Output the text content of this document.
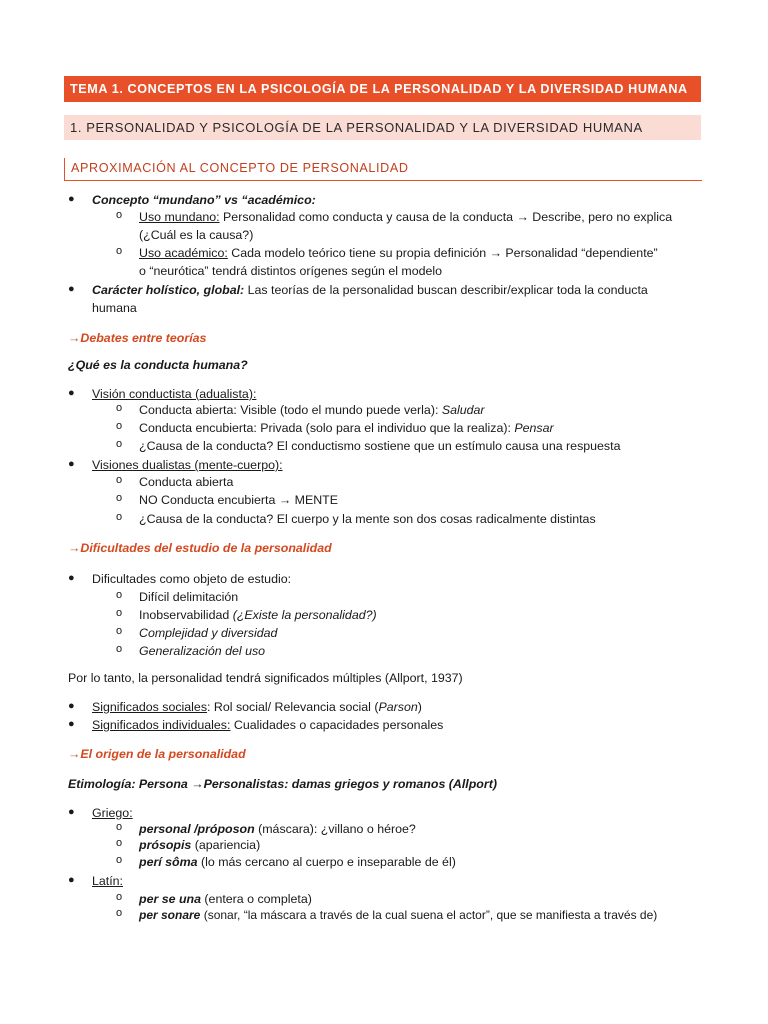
TEMA 1. CONCEPTOS EN LA PSICOLOGÍA DE LA PERSONALIDAD Y LA DIVERSIDAD HUMANA
1. PERSONALIDAD Y PSICOLOGÍA DE LA PERSONALIDAD Y LA DIVERSIDAD HUMANA
APROXIMACIÓN AL CONCEPTO DE PERSONALIDAD
● Concepto “mundano” vs “académico:
o Uso mundano: Personalidad como conducta y causa de la conducta → Describe, pero no explica
(¿Cuál es la causa?)
o Uso académico: Cada modelo teórico tiene su propia definición → Personalidad “dependiente”
o “neurótica” tendrá distintos orígenes según el modelo
● Carácter holístico, global: Las teorías de la personalidad buscan describir/explicar toda la conducta
humana
→Debates entre teorías
¿Qué es la conducta humana?
● Visión conductista (adualista):
o Conducta abierta: Visible (todo el mundo puede verla): Saludar
o Conducta encubierta: Privada (solo para el individuo que la realiza): Pensar
o ¿Causa de la conducta? El conductismo sostiene que un estímulo causa una respuesta
● Visiones dualistas (mente-cuerpo):
o Conducta abierta
o NO Conducta encubierta → MENTE
o ¿Causa de la conducta? El cuerpo y la mente son dos cosas radicalmente distintas
→Dificultades del estudio de la personalidad
● Dificultades como objeto de estudio:
o Difícil delimitación
o Inobservabilidad (¿Existe la personalidad?)
o Complejidad y diversidad
o Generalización del uso
Por lo tanto, la personalidad tendrá significados múltiples (Allport, 1937)
● Significados sociales: Rol social/ Relevancia social (Parson)
● Significados individuales: Cualidades o capacidades personales
→El origen de la personalidad
Etimología: Persona →Personalistas: damas griegos y romanos (Allport)
● Griego:
o personal /próposon (máscara): ¿villano o héroe?
o prósopis (apariencia)
o perí sôma (lo más cercano al cuerpo e inseparable de él)
● Latín:
o per se una (entera o completa)
o per sonare (sonar, “la máscara a través de la cual suena el actor”, que se manifiesta a través de)
